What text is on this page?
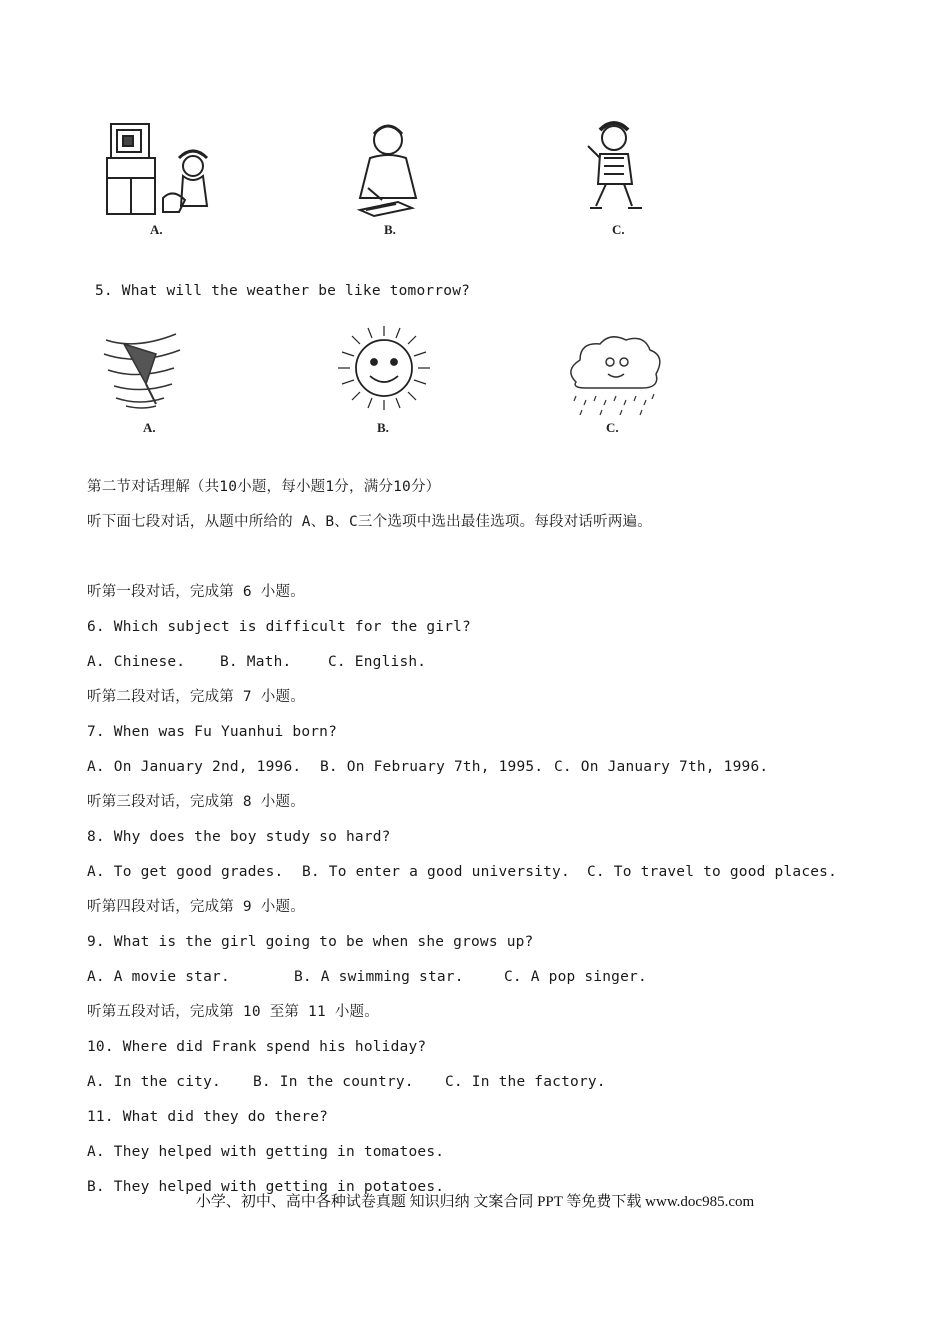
A.	B.	C.
5. What will the weather be like tomorrow?
A.	B.	C.
第二节对话理解（共10小题，每小题1分，满分10分）
听下面七段对话，从题中所给的 A、B、C三个选项中选出最佳选项。每段对话听两遍。
听第一段对话，完成第 6 小题。
6. Which subject is difficult for the girl?
A. Chinese. B. Math.	C. English.
听第二段对话，完成第 7 小题。
7. When was Fu Yuanhui born?
A. On January 2nd, 1996. B. On February 7th, 1995. C. On January 7th, 1996.
听第三段对话，完成第 8 小题。
8. Why does the boy study so hard?
A. To get good grades. B. To enter a good university. C. To travel to good places.
听第四段对话，完成第 9 小题。
9. What is the girl going to be when she grows up?
A. A movie star.	B. A swimming star.	C. A pop singer.
听第五段对话，完成第 10 至第 11 小题。
10. Where did Frank spend his holiday?
A. In the city. B. In the country. C. In the factory.
11. What did they do there?
A. They helped with getting in tomatoes.
B. They helped with getting in potatoes.
小学、初中、高中各种试卷真题 知识归纳 文案合同 PPT 等免费下载 www.doc985.com
